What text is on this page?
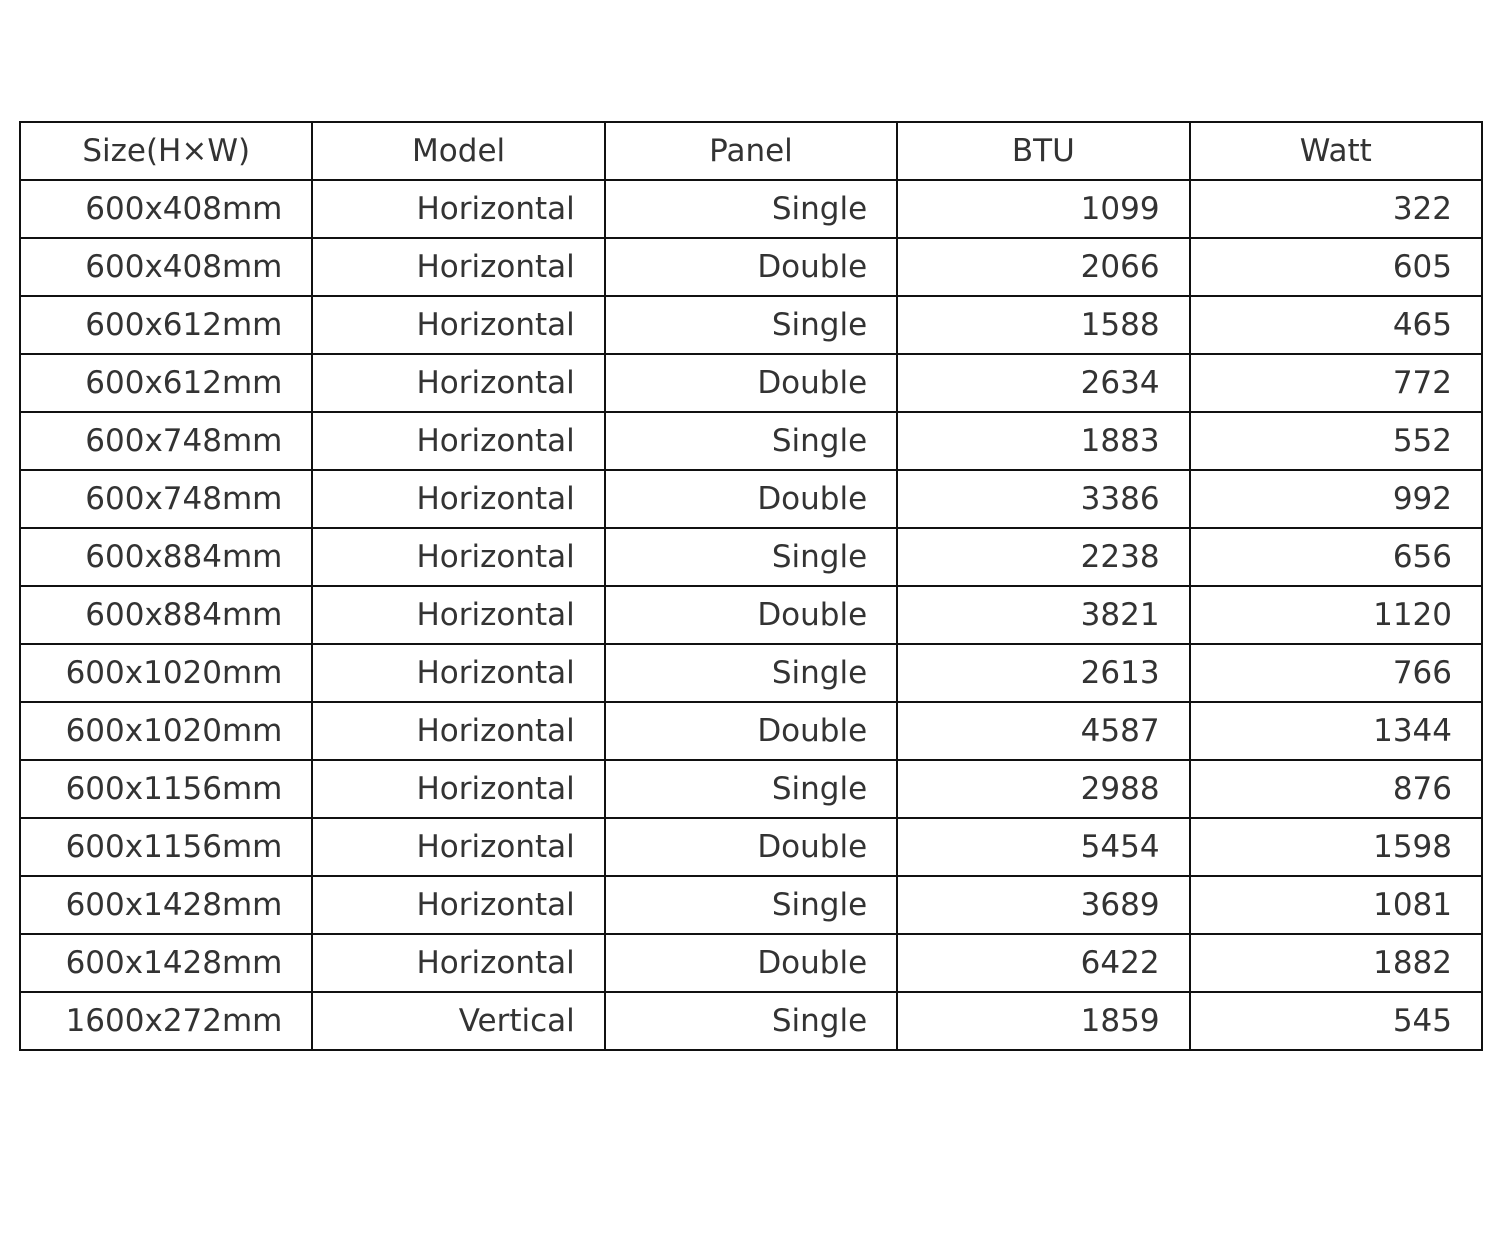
Size(H×W)	Model	Panel	BTU	Watt
600x408mm	Horizontal	Single	1099	322
600x408mm	Horizontal	Double	2066	605
600x612mm	Horizontal	Single	1588	465
600x612mm	Horizontal	Double	2634	772
600x748mm	Horizontal	Single	1883	552
600x748mm	Horizontal	Double	3386	992
600x884mm	Horizontal	Single	2238	656
600x884mm	Horizontal	Double	3821	1120
600x1020mm	Horizontal	Single	2613	766
600x1020mm	Horizontal	Double	4587	1344
600x1156mm	Horizontal	Single	2988	876
600x1156mm	Horizontal	Double	5454	1598
600x1428mm	Horizontal	Single	3689	1081
600x1428mm	Horizontal	Double	6422	1882
1600x272mm	Vertical	Single	1859	545
